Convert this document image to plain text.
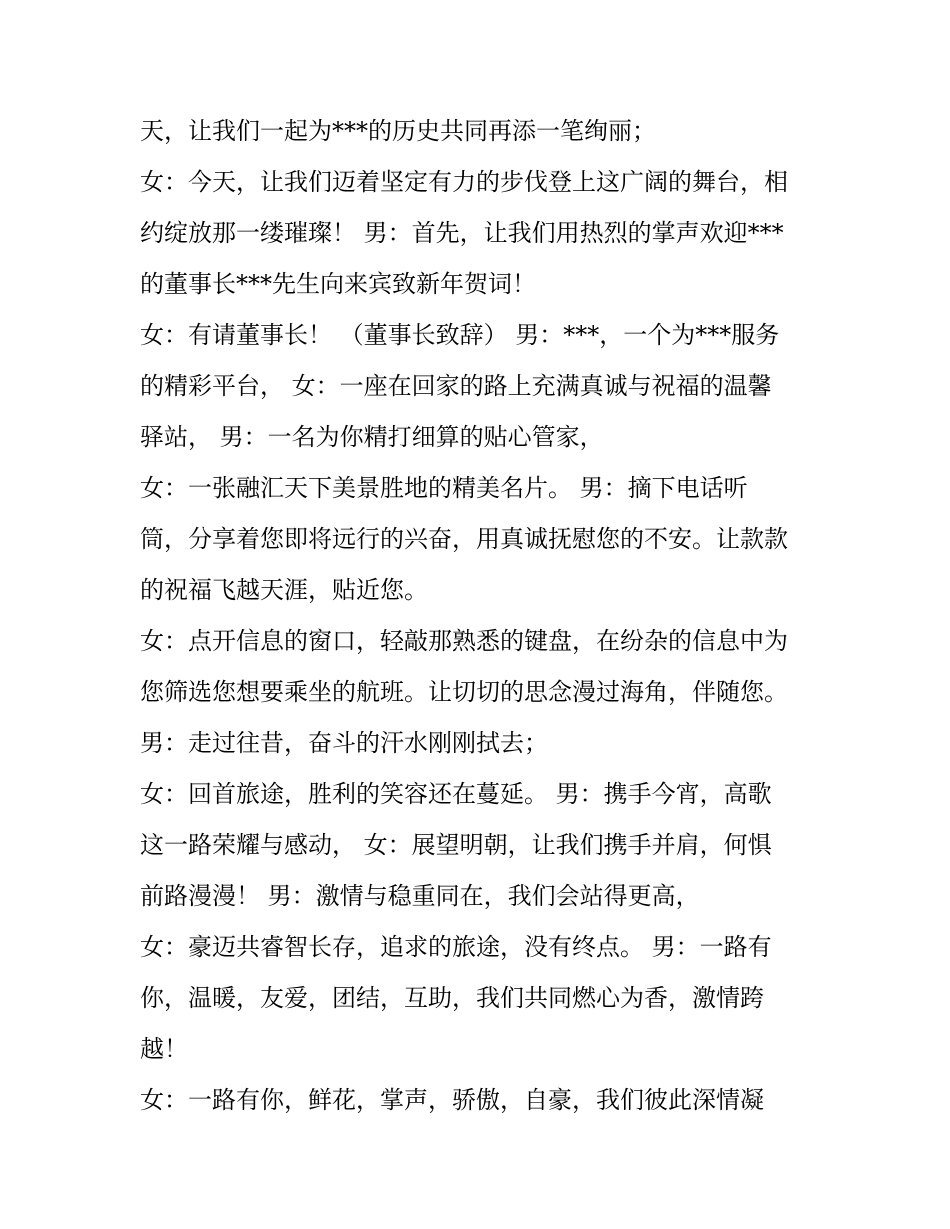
天，让我们一起为***的历史共同再添一笔绚丽；
女：今天，让我们迈着坚定有力的步伐登上这广阔的舞台，相
约绽放那一缕璀璨！ 男：首先，让我们用热烈的掌声欢迎***
的董事长***先生向来宾致新年贺词！
女：有请董事长！ （董事长致辞） 男：***，一个为***服务
的精彩平台， 女：一座在回家的路上充满真诚与祝福的温馨
驿站， 男：一名为你精打细算的贴心管家，
女：一张融汇天下美景胜地的精美名片。 男：摘下电话听
筒，分享着您即将远行的兴奋，用真诚抚慰您的不安。让款款
的祝福飞越天涯，贴近您。
女：点开信息的窗口，轻敲那熟悉的键盘，在纷杂的信息中为
您筛选您想要乘坐的航班。让切切的思念漫过海角，伴随您。
男：走过往昔，奋斗的汗水刚刚拭去；
女：回首旅途，胜利的笑容还在蔓延。 男：携手今宵，高歌
这一路荣耀与感动， 女：展望明朝，让我们携手并肩，何惧
前路漫漫！ 男：激情与稳重同在，我们会站得更高，
女：豪迈共睿智长存，追求的旅途，没有终点。 男：一路有
你，温暖，友爱，团结，互助，我们共同燃心为香，激情跨
越！
女：一路有你，鲜花，掌声，骄傲，自豪，我们彼此深情凝
